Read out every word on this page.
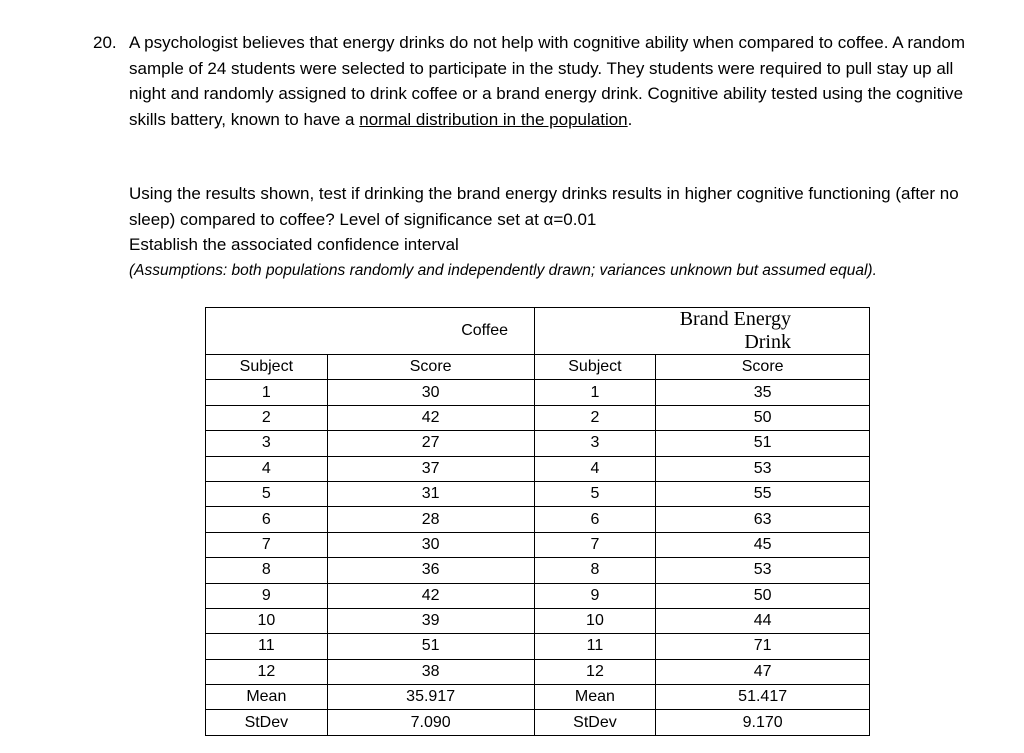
20. A psychologist believes that energy drinks do not help with cognitive ability when compared to coffee. A random sample of 24 students were selected to participate in the study. They students were required to pull stay up all night and randomly assigned to drink coffee or a brand energy drink. Cognitive ability tested using the cognitive skills battery, known to have a normal distribution in the population.
Using the results shown, test if drinking the brand energy drinks results in higher cognitive functioning (after no sleep) compared to coffee? Level of significance set at α=0.01
Establish the associated confidence interval
(Assumptions: both populations randomly and independently drawn; variances unknown but assumed equal).
	Coffee		Brand Energy Drink
Subject	Score	Subject	Score
1	30	1	35
2	42	2	50
3	27	3	51
4	37	4	53
5	31	5	55
6	28	6	63
7	30	7	45
8	36	8	53
9	42	9	50
10	39	10	44
11	51	11	71
12	38	12	47
Mean	35.917	Mean	51.417
StDev	7.090	StDev	9.170
